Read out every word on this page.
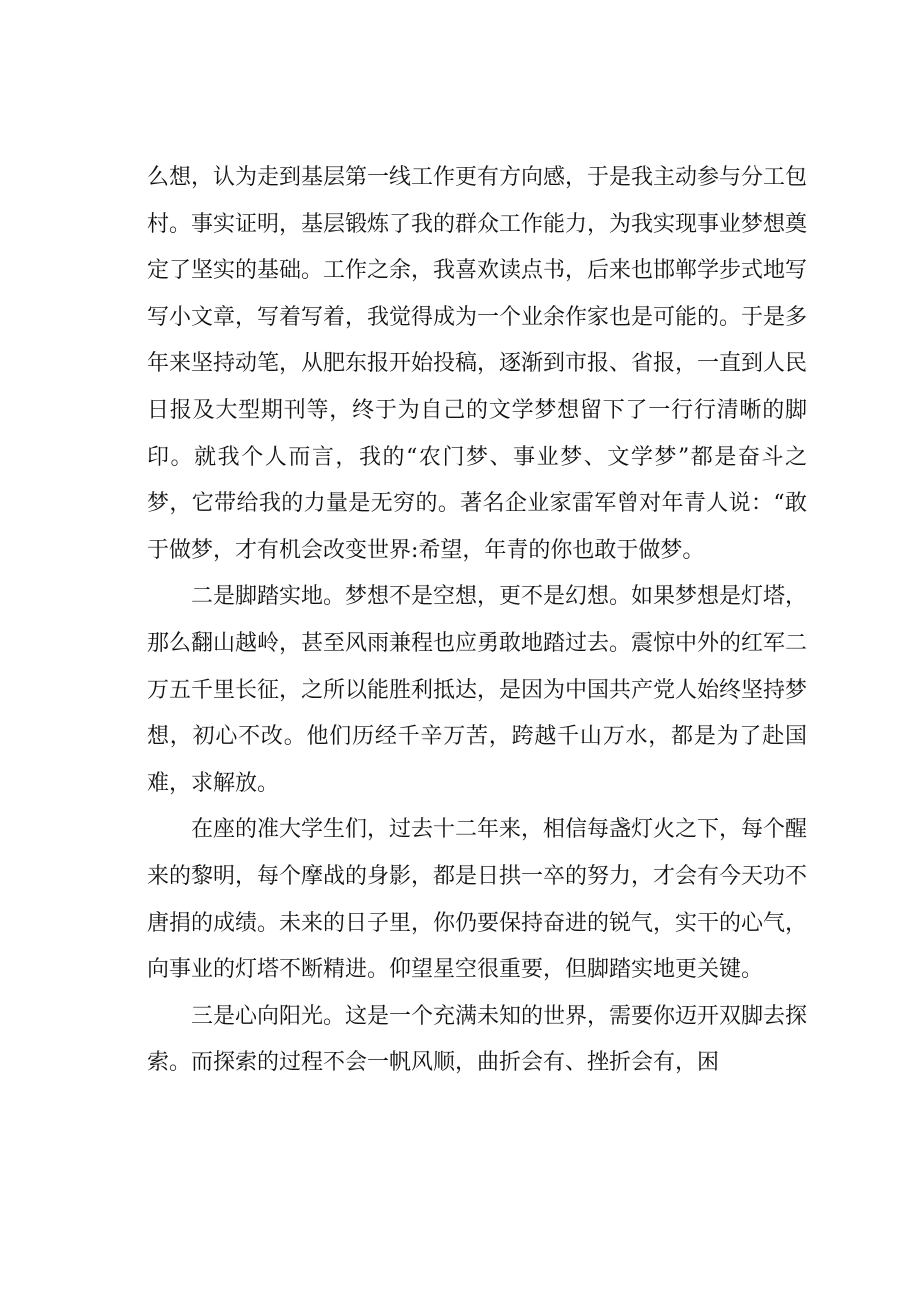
么想，认为走到基层第一线工作更有方向感，于是我主动参与分工包村。事实证明，基层锻炼了我的群众工作能力，为我实现事业梦想奠定了坚实的基础。工作之余，我喜欢读点书，后来也邯郸学步式地写写小文章，写着写着，我觉得成为一个业余作家也是可能的。于是多年来坚持动笔，从肥东报开始投稿，逐渐到市报、省报，一直到人民日报及大型期刊等，终于为自己的文学梦想留下了一行行清晰的脚印。就我个人而言，我的“农门梦、事业梦、文学梦”都是奋斗之梦，它带给我的力量是无穷的。著名企业家雷军曾对年青人说：“敢于做梦，才有机会改变世界:希望，年青的你也敢于做梦。

二是脚踏实地。梦想不是空想，更不是幻想。如果梦想是灯塔，那么翻山越岭，甚至风雨兼程也应勇敢地踏过去。震惊中外的红军二万五千里长征，之所以能胜利抵达，是因为中国共产党人始终坚持梦想，初心不改。他们历经千辛万苦，跨越千山万水，都是为了赴国难，求解放。

在座的准大学生们，过去十二年来，相信每盏灯火之下，每个醒来的黎明，每个摩战的身影，都是日拱一卒的努力，才会有今天功不唐捐的成绩。未来的日子里，你仍要保持奋进的锐气，实干的心气，向事业的灯塔不断精进。仰望星空很重要，但脚踏实地更关键。

三是心向阳光。这是一个充满未知的世界，需要你迈开双脚去探索。而探索的过程不会一帆风顺，曲折会有、挫折会有，困
